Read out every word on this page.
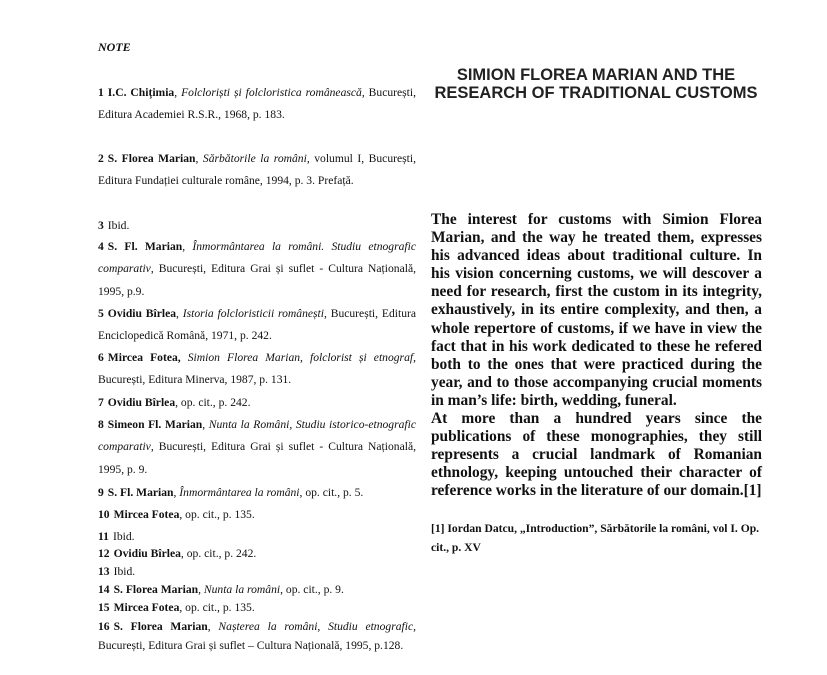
NOTE

1 I.C. Chițimia, Folcloriști și folcloristica românească, București, Editura Academiei R.S.R., 1968, p. 183.

2 S. Florea Marian, Sărbătorile la români, volumul I, București, Editura Fundației culturale române, 1994, p. 3. Prefață.

3 Ibid.

4 S. Fl. Marian, Înmormântarea la români. Studiu etnografic comparativ, București, Editura Grai și suflet - Cultura Națională, 1995, p.9.

5 Ovidiu Bîrlea, Istoria folcloristicii românești, București, Editura Enciclopedică Română, 1971, p. 242.

6 Mircea Fotea, Simion Florea Marian, folclorist și etnograf, București, Editura Minerva, 1987, p. 131.

7 Ovidiu Bîrlea, op. cit., p. 242.

8 Simeon Fl. Marian, Nunta la Români, Studiu istorico-etnografic comparativ, București, Editura Grai și suflet - Cultura Națională, 1995, p. 9.

9 S. Fl. Marian, Înmormântarea la români, op. cit., p. 5.

10 Mircea Fotea, op. cit., p. 135.

11 Ibid.

12 Ovidiu Bîrlea, op. cit., p. 242.

13 Ibid.

14 S. Florea Marian, Nunta la români, op. cit., p. 9.

15 Mircea Fotea, op. cit., p. 135.

16 S. Florea Marian, Nașterea la români, Studiu etnografic, București, Editura Grai și suflet – Cultura Națională, 1995, p.128.

SIMION FLOREA MARIAN AND THE RESEARCH OF TRADITIONAL CUSTOMS

The interest for customs with Simion Florea Marian, and the way he treated them, expresses his advanced ideas about traditional culture. In his vision concerning customs, we will descover a need for research, first the custom in its integrity, exhaustively, in its entire complexity, and then, a whole repertore of customs, if we have in view the fact that in his work dedicated to these he refered both to the ones that were practiced during the year, and to those accompanying crucial moments in man’s life: birth, wedding, funeral.

At more than a hundred years since the publications of these monographies, they still represents a crucial landmark of Romanian ethnology, keeping untouched their character of reference works in the literature of our domain.[1]

[1] Iordan Datcu, „Introduction”, Sărbătorile la români, vol I. Op. cit., p. XV
